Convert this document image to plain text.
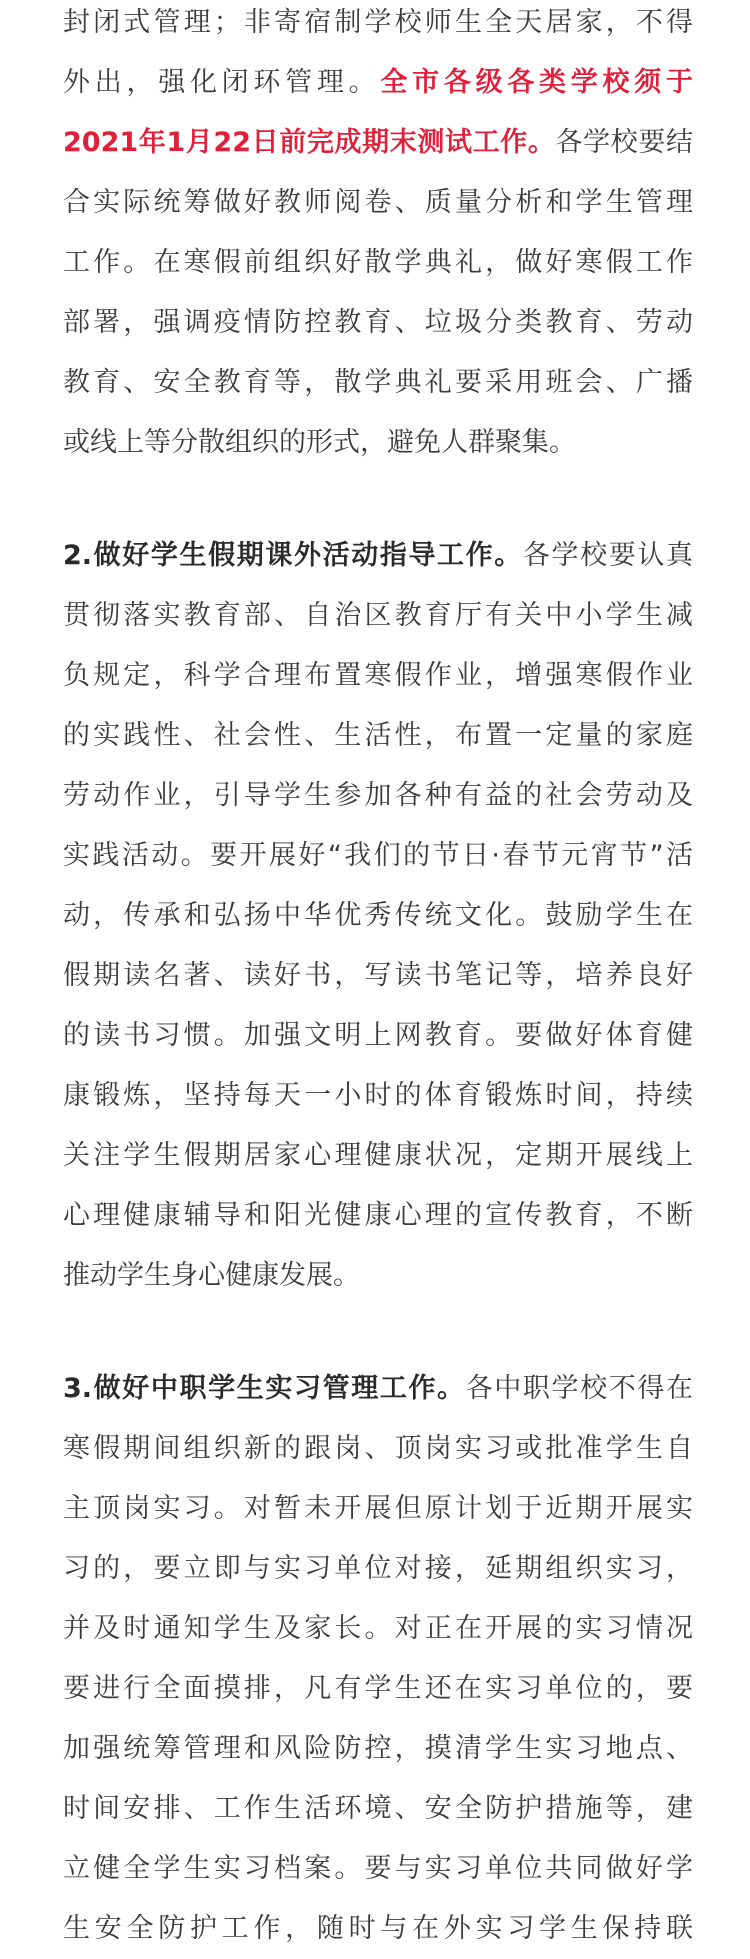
封闭式管理；非寄宿制学校师生全天居家，不得
外出，强化闭环管理。全市各级各类学校须于
2021年1月22日前完成期末测试工作。各学校要结
合实际统筹做好教师阅卷、质量分析和学生管理
工作。在寒假前组织好散学典礼，做好寒假工作
部署，强调疫情防控教育、垃圾分类教育、劳动
教育、安全教育等，散学典礼要采用班会、广播
或线上等分散组织的形式，避免人群聚集。
2.做好学生假期课外活动指导工作。各学校要认真
贯彻落实教育部、自治区教育厅有关中小学生减
负规定，科学合理布置寒假作业，增强寒假作业
的实践性、社会性、生活性，布置一定量的家庭
劳动作业，引导学生参加各种有益的社会劳动及
实践活动。要开展好“我们的节日·春节元宵节”活
动，传承和弘扬中华优秀传统文化。鼓励学生在
假期读名著、读好书，写读书笔记等，培养良好
的读书习惯。加强文明上网教育。要做好体育健
康锻炼，坚持每天一小时的体育锻炼时间，持续
关注学生假期居家心理健康状况，定期开展线上
心理健康辅导和阳光健康心理的宣传教育，不断
推动学生身心健康发展。
3.做好中职学生实习管理工作。各中职学校不得在
寒假期间组织新的跟岗、顶岗实习或批准学生自
主顶岗实习。对暂未开展但原计划于近期开展实
习的，要立即与实习单位对接，延期组织实习，
并及时通知学生及家长。对正在开展的实习情况
要进行全面摸排，凡有学生还在实习单位的，要
加强统筹管理和风险防控，摸清学生实习地点、
时间安排、工作生活环境、安全防护措施等，建
立健全学生实习档案。要与实习单位共同做好学
生安全防护工作，随时与在外实习学生保持联
